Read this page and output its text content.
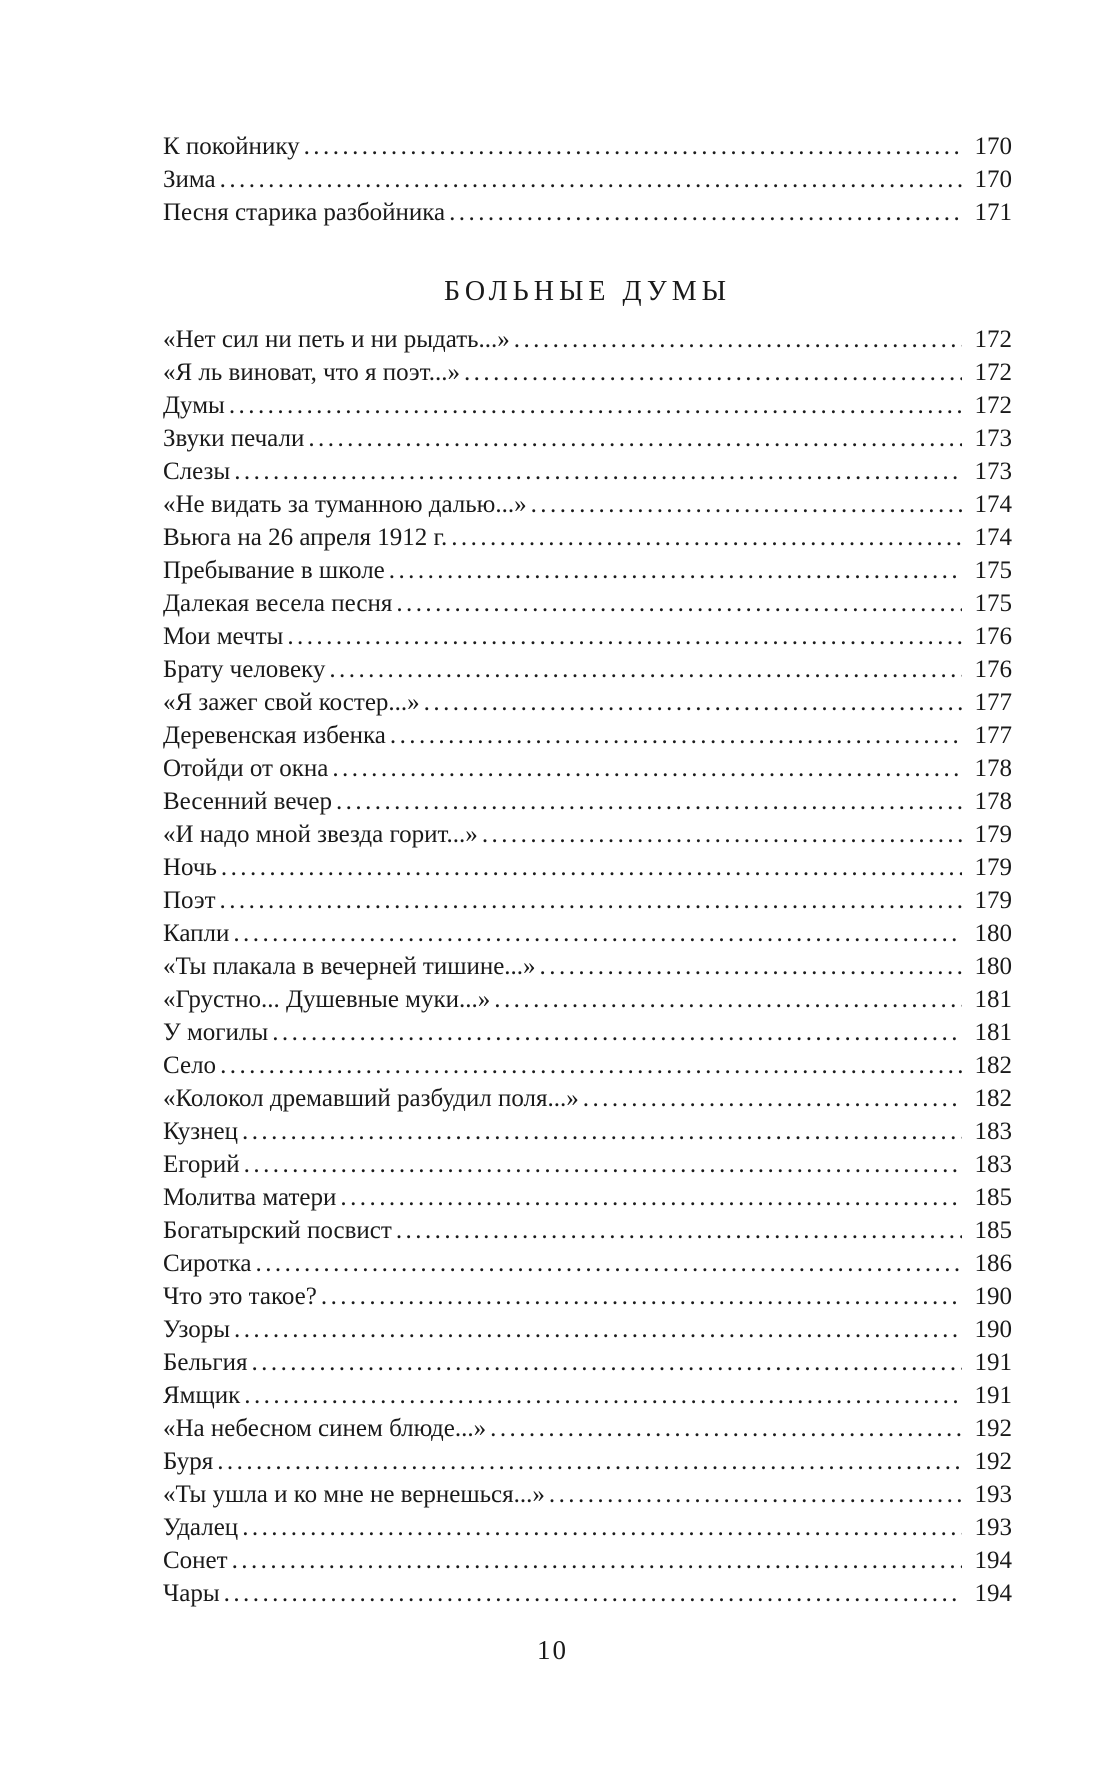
К покойнику . . .	170
Зима . . .	170
Песня старика разбойника . . .	171
БОЛЬНЫЕ ДУМЫ
«Нет сил ни петь и ни рыдать...» . . .	172
«Я ль виноват, что я поэт...» . . .	172
Думы . . .	172
Звуки печали . . .	173
Слезы . . .	173
«Не видать за туманною далью...» . . .	174
Вьюга на 26 апреля 1912 г. . . .	174
Пребывание в школе . . .	175
Далекая весела песня . . .	175
Мои мечты . . .	176
Брату человеку . . .	176
«Я зажег свой костер...» . . .	177
Деревенская избенка . . .	177
Отойди от окна . . .	178
Весенний вечер . . .	178
«И надо мной звезда горит...» . . .	179
Ночь . . .	179
Поэт . . .	179
Капли . . .	180
«Ты плакала в вечерней тишине...» . . .	180
«Грустно... Душевные муки...» . . .	181
У могилы . . .	181
Село . . .	182
«Колокол дремавший разбудил поля...» . . .	182
Кузнец . . .	183
Егорий . . .	183
Молитва матери . . .	185
Богатырский посвист . . .	185
Сиротка . . .	186
Что это такое? . . .	190
Узоры . . .	190
Бельгия . . .	191
Ямщик . . .	191
«На небесном синем блюде...» . . .	192
Буря . . .	192
«Ты ушла и ко мне не вернешься...» . . .	193
Удалец . . .	193
Сонет . . .	194
Чары . . .	194
10
